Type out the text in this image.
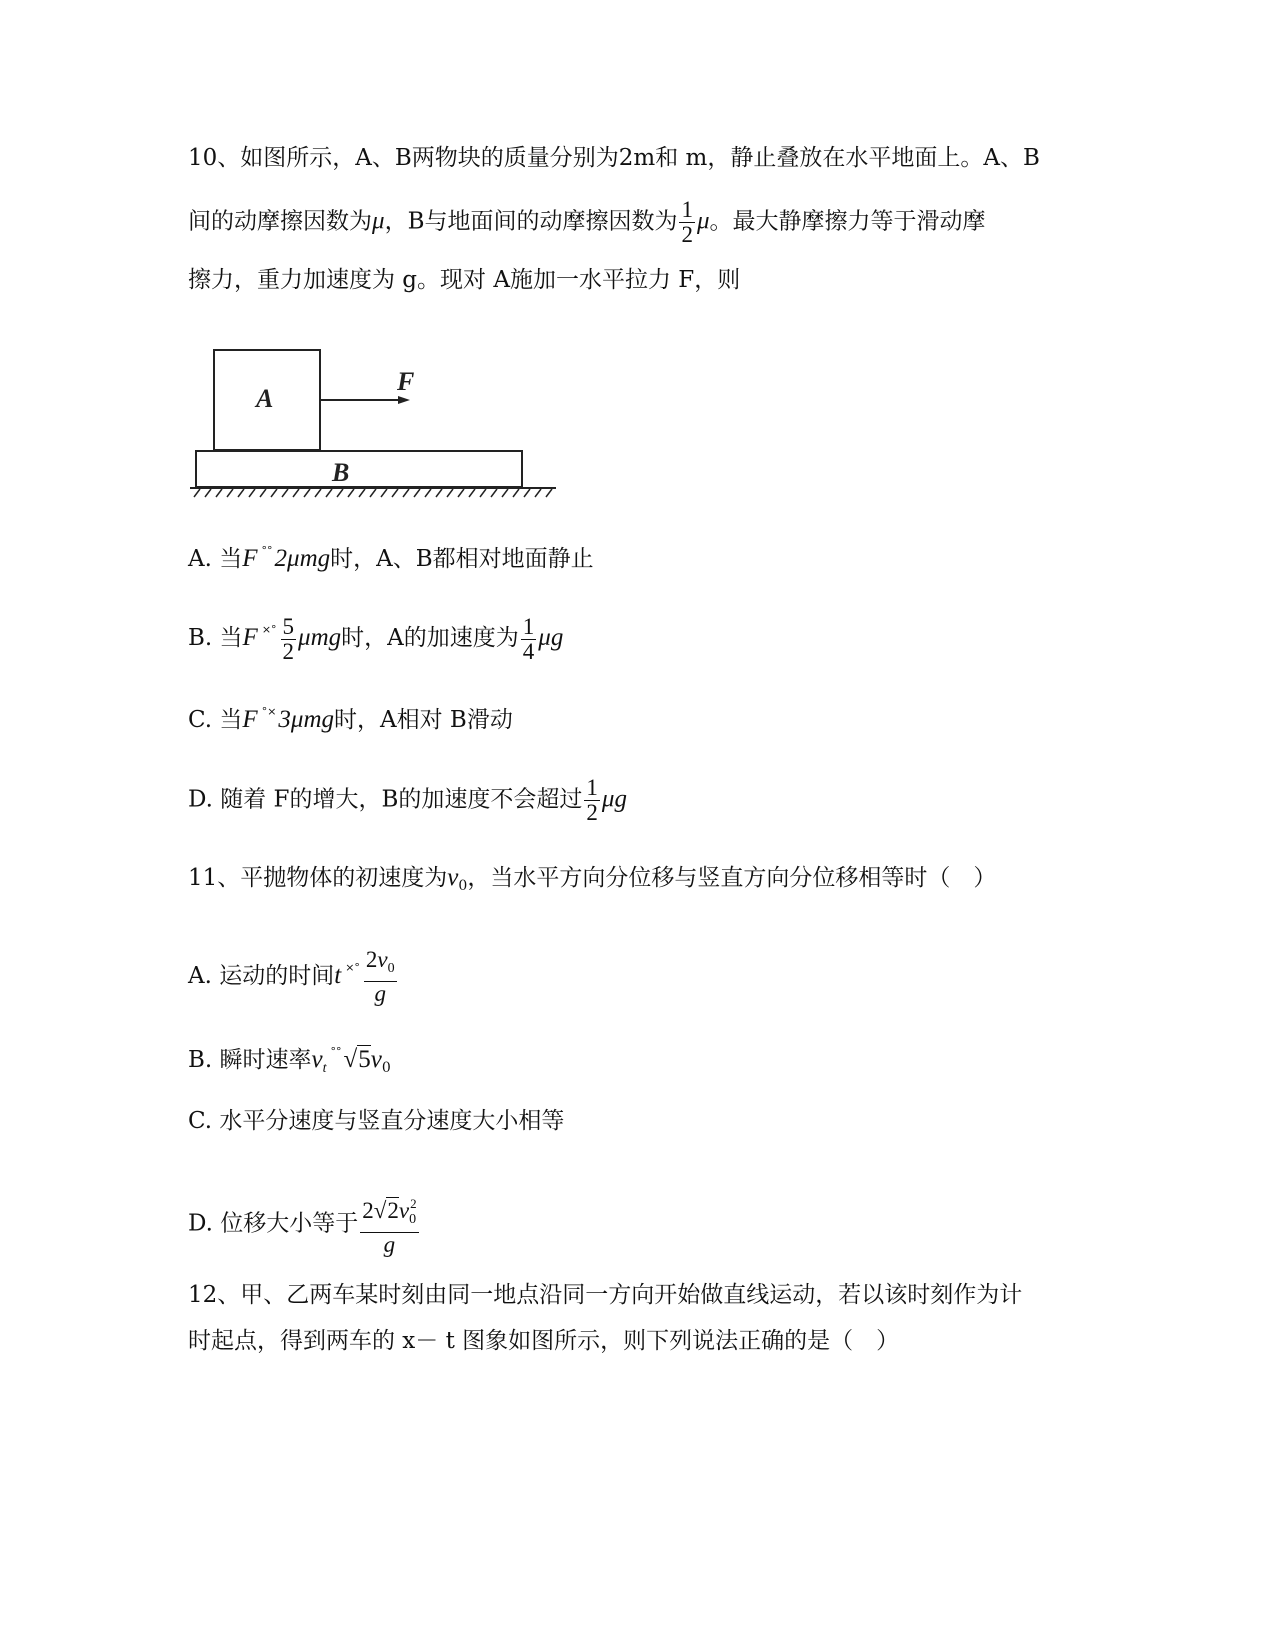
10、如图所示，A、B两物块的质量分别为2m和 m，静止叠放在水平地面上。A、B
间的动摩擦因数为μ，B与地面间的动摩擦因数为 $\frac{1}{2}$ μ。最大静摩擦力等于滑动摩
擦力，重力加速度为 g。现对 A施加一水平拉力 F，则
A
F
B
A. 当F °°2μmg时，A、B都相对地面静止
B. 当F $^{\times^\circ} \frac{5}{2}$ μmg时，A的加速度为 $\frac{1}{4}$ μg
C. 当F °×3μmg时，A相对 B滑动
D. 随着 F的增大，B的加速度不会超过 $\frac{1}{2}$ μg
11、平抛物体的初速度为$v_0$，当水平方向分位移与竖直方向分位移相等时（　）
A. 运动的时间t $^{\times^\circ} \frac{2v_0}{g}$
B. 瞬时速率$v_t^{^\circ^\circ}√5v_0$
C. 水平分速度与竖直分速度大小相等
D. 位移大小等于 $\frac{2√2v_0^2}{g}$
12、甲、乙两车某时刻由同一地点沿同一方向开始做直线运动，若以该时刻作为计
时起点，得到两车的 x－ t 图象如图所示，则下列说法正确的是（　）
